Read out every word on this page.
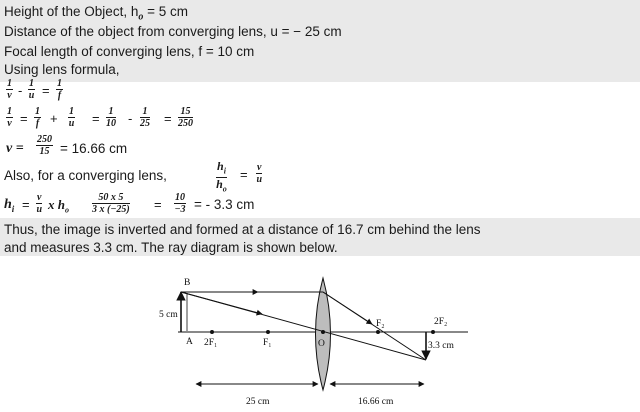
Height of the Object, $h_o = 5$ cm
Distance of the object from converging lens, u = − 25 cm
Focal length of converging lens, f = 10 cm
Using lens formula,
1
v - 1
u = 1
f
1
v = 1
f + 1
u = 1
10 - 1
25 = 15
250
v =
250
15 = 16.66 cm
Also, for a converging lens,
$h_i$
$h_o$
= v
u
$h_i = v$
u x $h_o$
50 x 5
3 x (−25) = 10
−3 = - 3.3 cm
Thus, the image is inverted and formed at a distance of 16.7 cm behind the lens
and measures 3.3 cm. The ray diagram is shown below.
B
5 cm
A 2F₁	F₁	O
F₂	2F₂
3.3 cm
25 cm	16.66 cm
